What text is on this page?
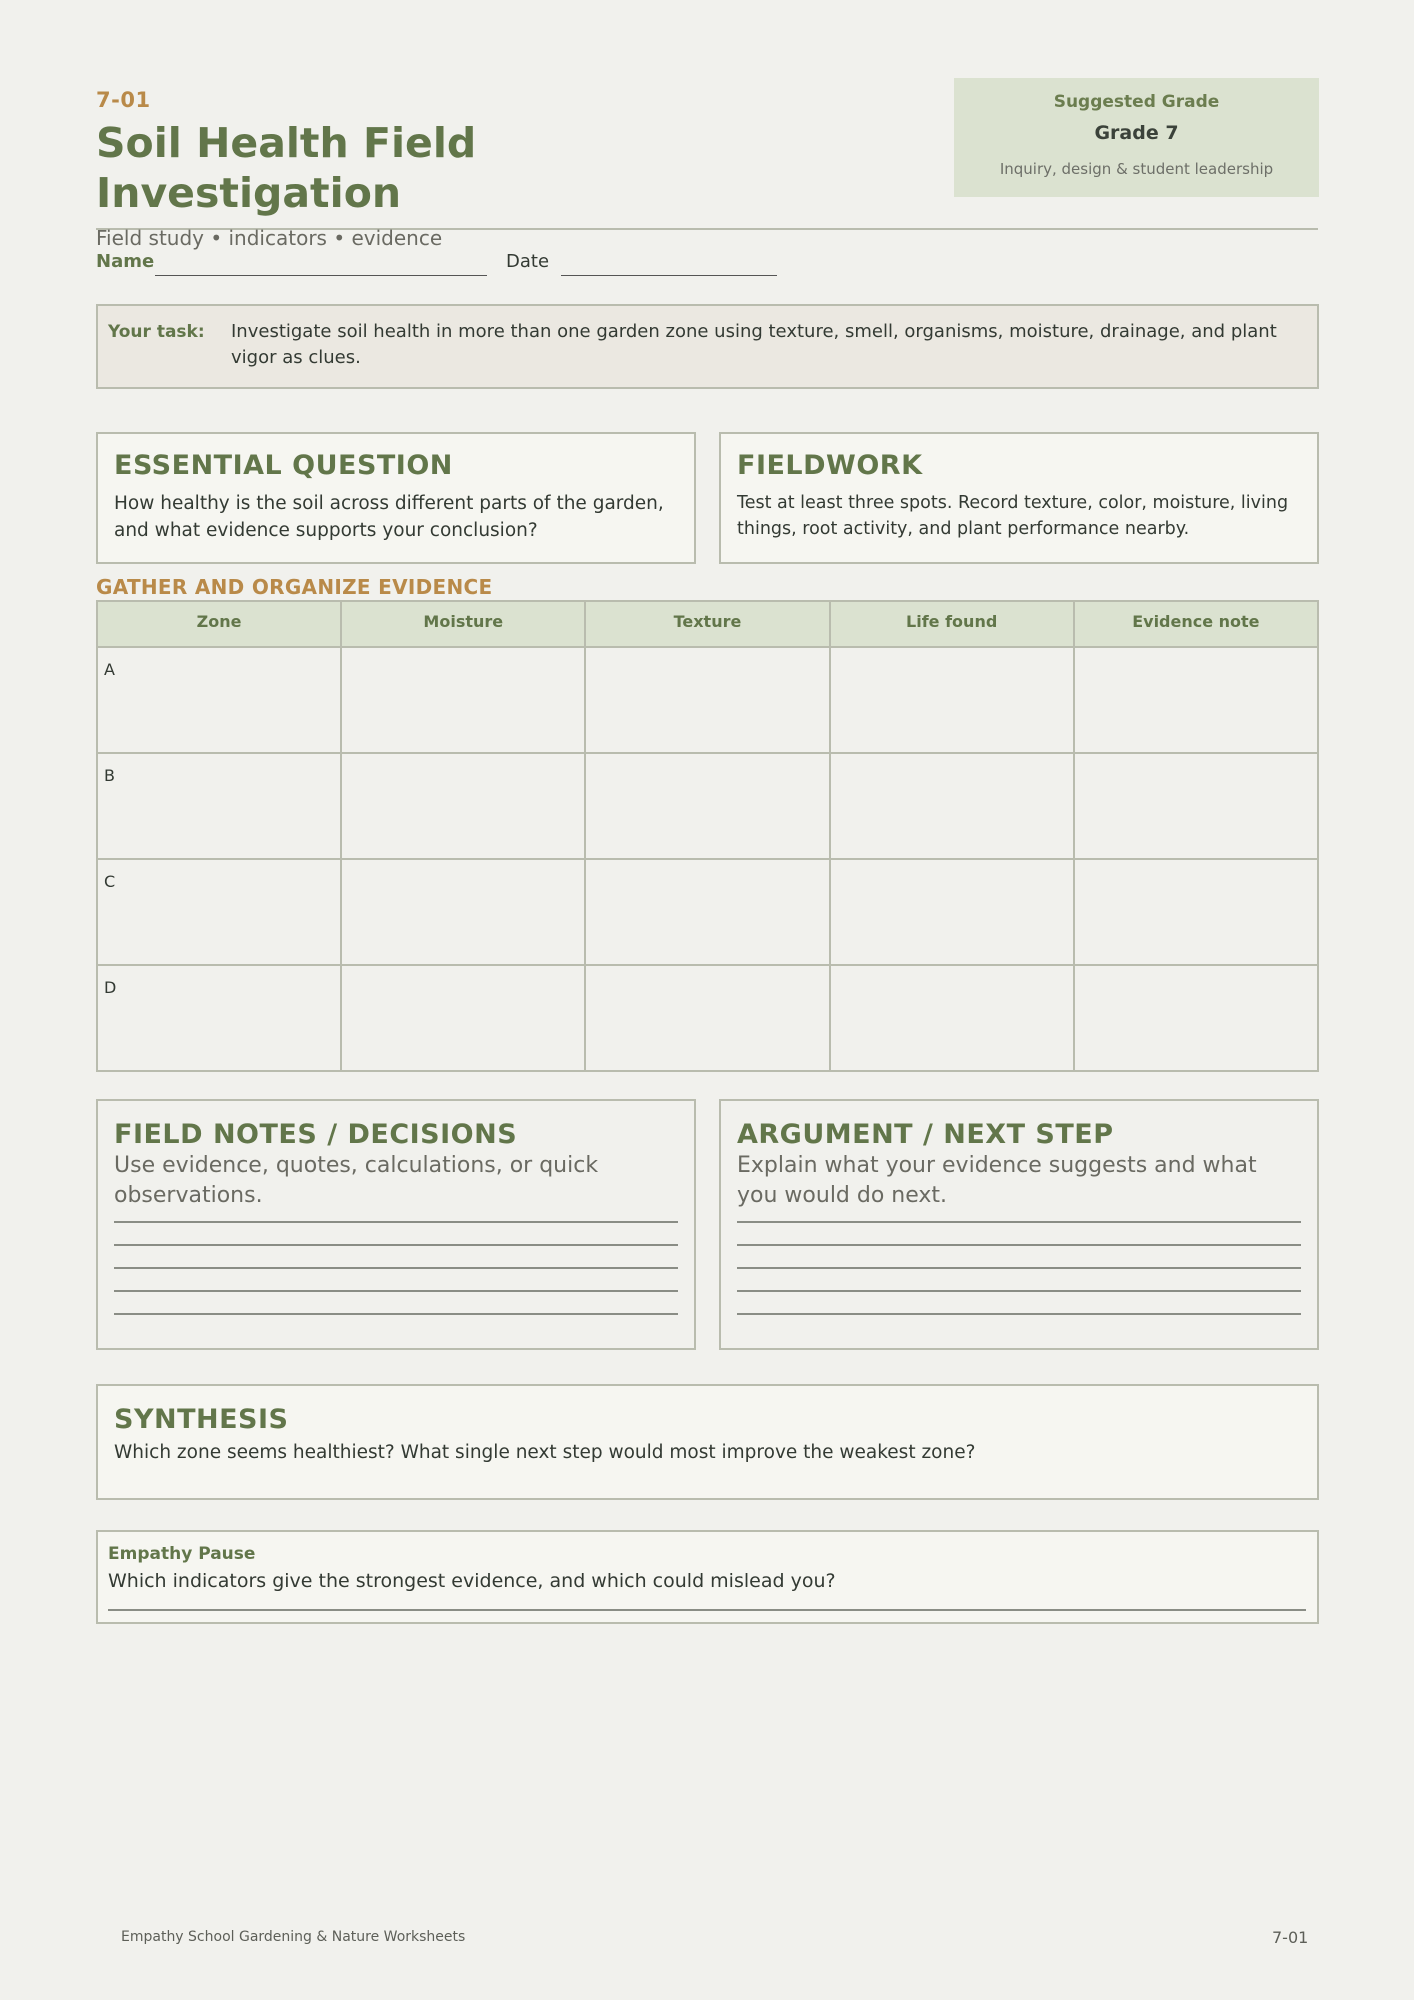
7-01
Soil Health Field Investigation
Field study • indicators • evidence
Suggested Grade
Grade 7
Inquiry, design & student leadership
Name	Date
Your task: Investigate soil health in more than one garden zone using texture, smell, organisms, moisture, drainage, and plant vigor as clues.
ESSENTIAL QUESTION
How healthy is the soil across different parts of the garden, and what evidence supports your conclusion?
FIELDWORK
Test at least three spots. Record texture, color, moisture, living things, root activity, and plant performance nearby.
GATHER AND ORGANIZE EVIDENCE
Zone	Moisture	Texture	Life found	Evidence note
A				
B				
C				
D				
FIELD NOTES / DECISIONS
Use evidence, quotes, calculations, or quick observations.
ARGUMENT / NEXT STEP
Explain what your evidence suggests and what you would do next.
SYNTHESIS
Which zone seems healthiest? What single next step would most improve the weakest zone?
Empathy Pause
Which indicators give the strongest evidence, and which could mislead you?
Empathy School Gardening & Nature Worksheets	7-01
